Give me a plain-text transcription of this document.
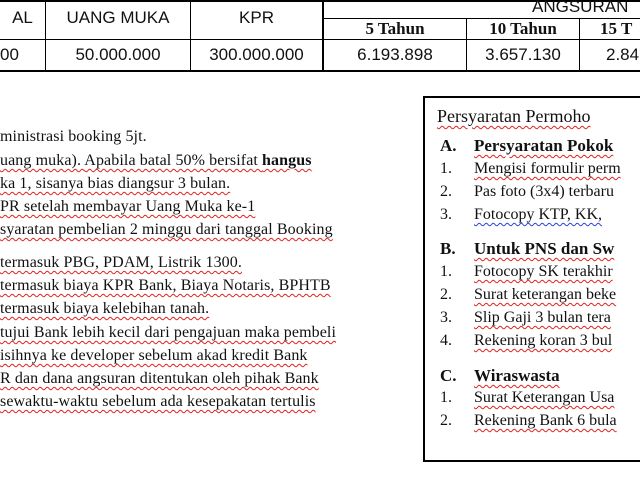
AL	UANG MUKA	KPR
ANGSURAN
5 Tahun	10 Tahun	15 T
00	50.000.000	300.000.000	6.193.898	3.657.130	2.84
ministrasi booking 5jt.
uang muka). Apabila batal 50% bersifat hangus
ka 1, sisanya bias diangsur 3 bulan.
PR setelah membayar Uang Muka ke-1
syaratan pembelian 2 minggu dari tanggal Booking
termasuk PBG, PDAM, Listrik 1300.
termasuk biaya KPR Bank, Biaya Notaris, BPHTB
termasuk biaya kelebihan tanah.
tujui Bank lebih kecil dari pengajuan maka pembeli
isihnya ke developer sebelum akad kredit Bank
R dan dana angsuran ditentukan oleh pihak Bank
sewaktu-waktu sebelum ada kesepakatan tertulis
Persyaratan Permoho
A. Persyaratan Pokok
1. Mengisi formulir perm
2. Pas foto (3x4) terbaru
3. Fotocopy KTP, KK,
B. Untuk PNS dan Sw
1. Fotocopy SK terakhir
2. Surat keterangan beke
3. Slip Gaji 3 bulan tera
4. Rekening koran 3 bul
C. Wiraswasta
1. Surat Keterangan Usa
2. Rekening Bank 6 bula
